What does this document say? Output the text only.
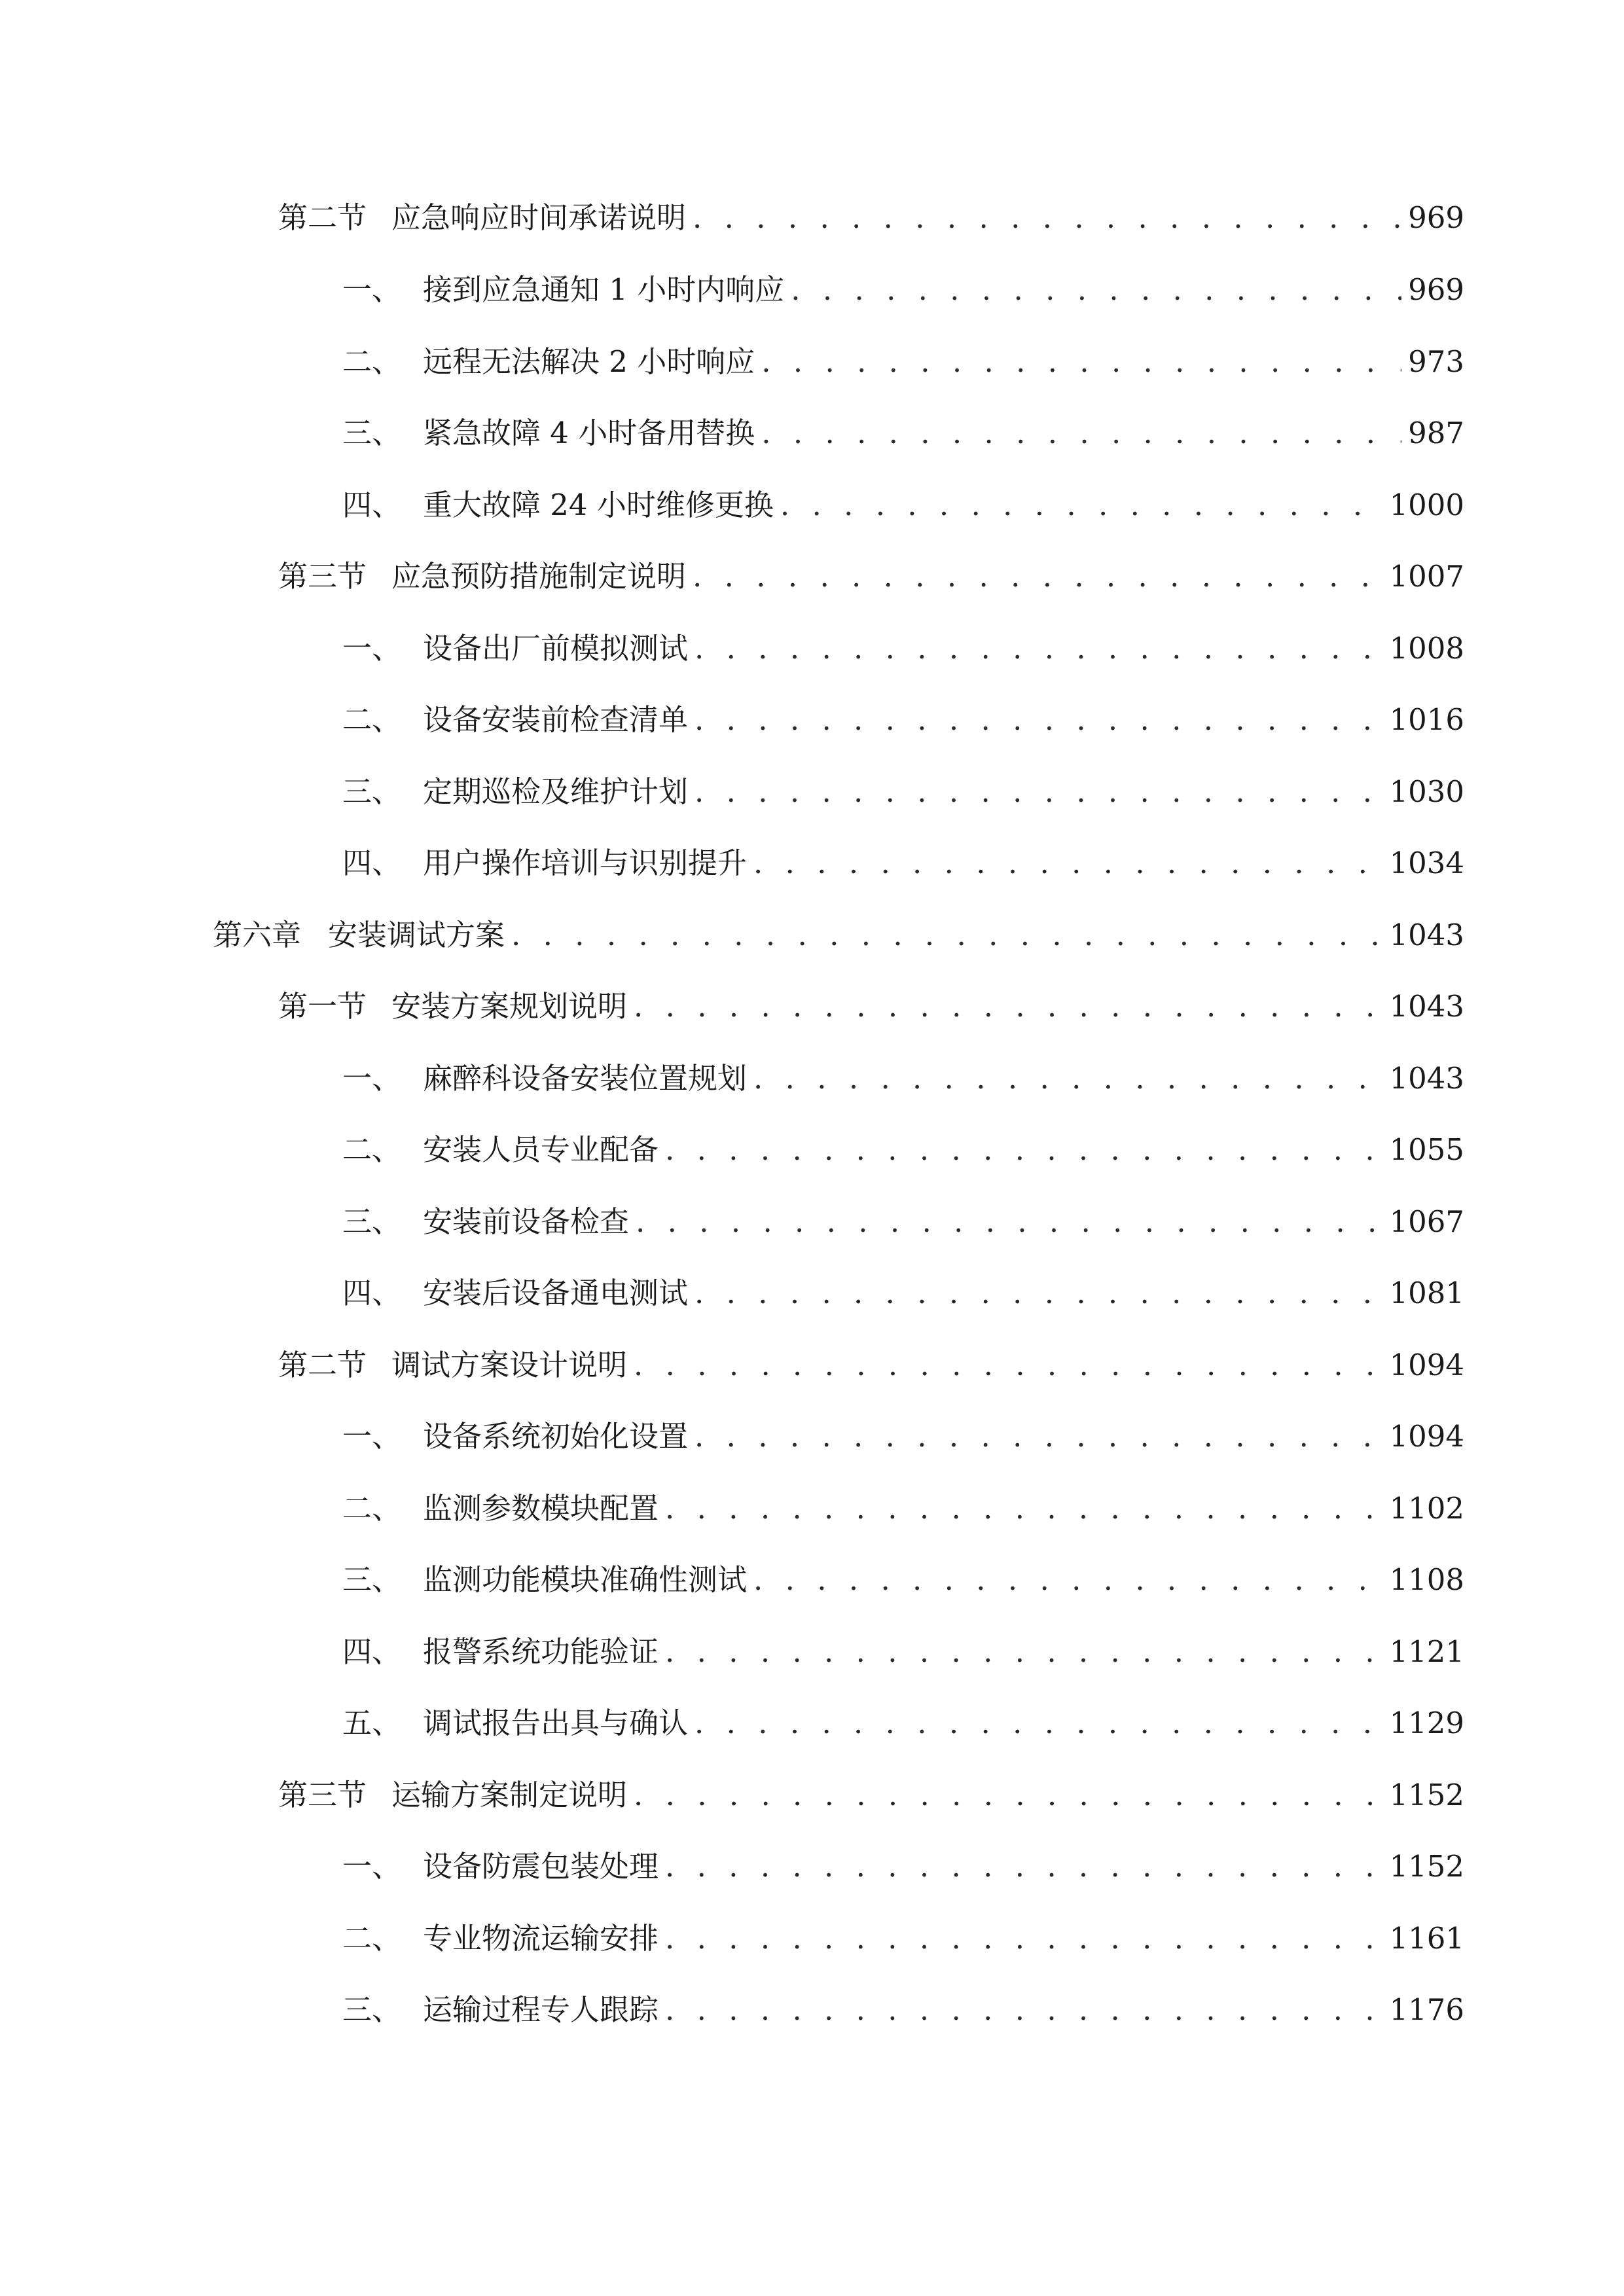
第二节 应急响应时间承诺说明 . . .	969
一、 接到应急通知 1 小时内响应 . . .	969
二、 远程无法解决 2 小时响应 . . .	973
三、 紧急故障 4 小时备用替换 . . .	987
四、 重大故障 24 小时维修更换 . . .	1000
第三节 应急预防措施制定说明 . . .	1007
一、 设备出厂前模拟测试 . . .	1008
二、 设备安装前检查清单 . . .	1016
三、 定期巡检及维护计划 . . .	1030
四、 用户操作培训与识别提升 . . .	1034
第六章 安装调试方案 . . .	1043
第一节 安装方案规划说明 . . .	1043
一、 麻醉科设备安装位置规划 . . .	1043
二、 安装人员专业配备 . . .	1055
三、 安装前设备检查 . . .	1067
四、 安装后设备通电测试 . . .	1081
第二节 调试方案设计说明 . . .	1094
一、 设备系统初始化设置 . . .	1094
二、 监测参数模块配置 . . .	1102
三、 监测功能模块准确性测试 . . .	1108
四、 报警系统功能验证 . . .	1121
五、 调试报告出具与确认 . . .	1129
第三节 运输方案制定说明 . . .	1152
一、 设备防震包装处理 . . .	1152
二、 专业物流运输安排 . . .	1161
三、 运输过程专人跟踪 . . .	1176
